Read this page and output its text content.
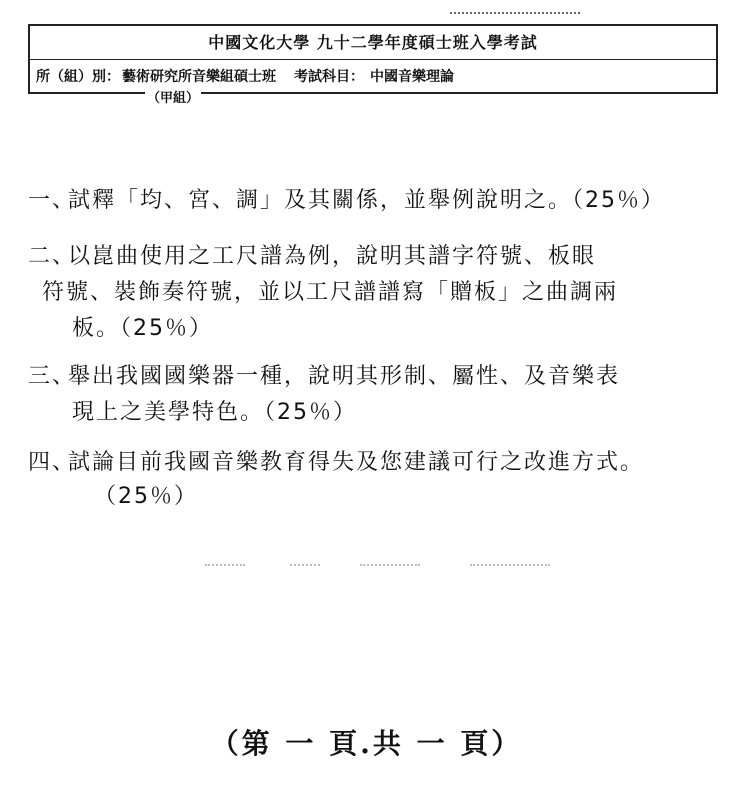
中國文化大學 九十二學年度碩士班入學考試
所（組）別： 藝術研究所音樂組碩士班 考試科目： 中國音樂理論
（甲組）
一、
試釋「均、宮、調」及其關係，並舉例說明之。（25％）
二、
以崑曲使用之工尺譜為例，說明其譜字符號、板眼
符號、裝飾奏符號，並以工尺譜譜寫「贈板」之曲調兩
板。（25％）
三、
舉出我國國樂器一種，說明其形制、屬性、及音樂表
現上之美學特色。（25％）
四、
試論目前我國音樂教育得失及您建議可行之改進方式。
（25％）
（第 一 頁.共 一 頁）
